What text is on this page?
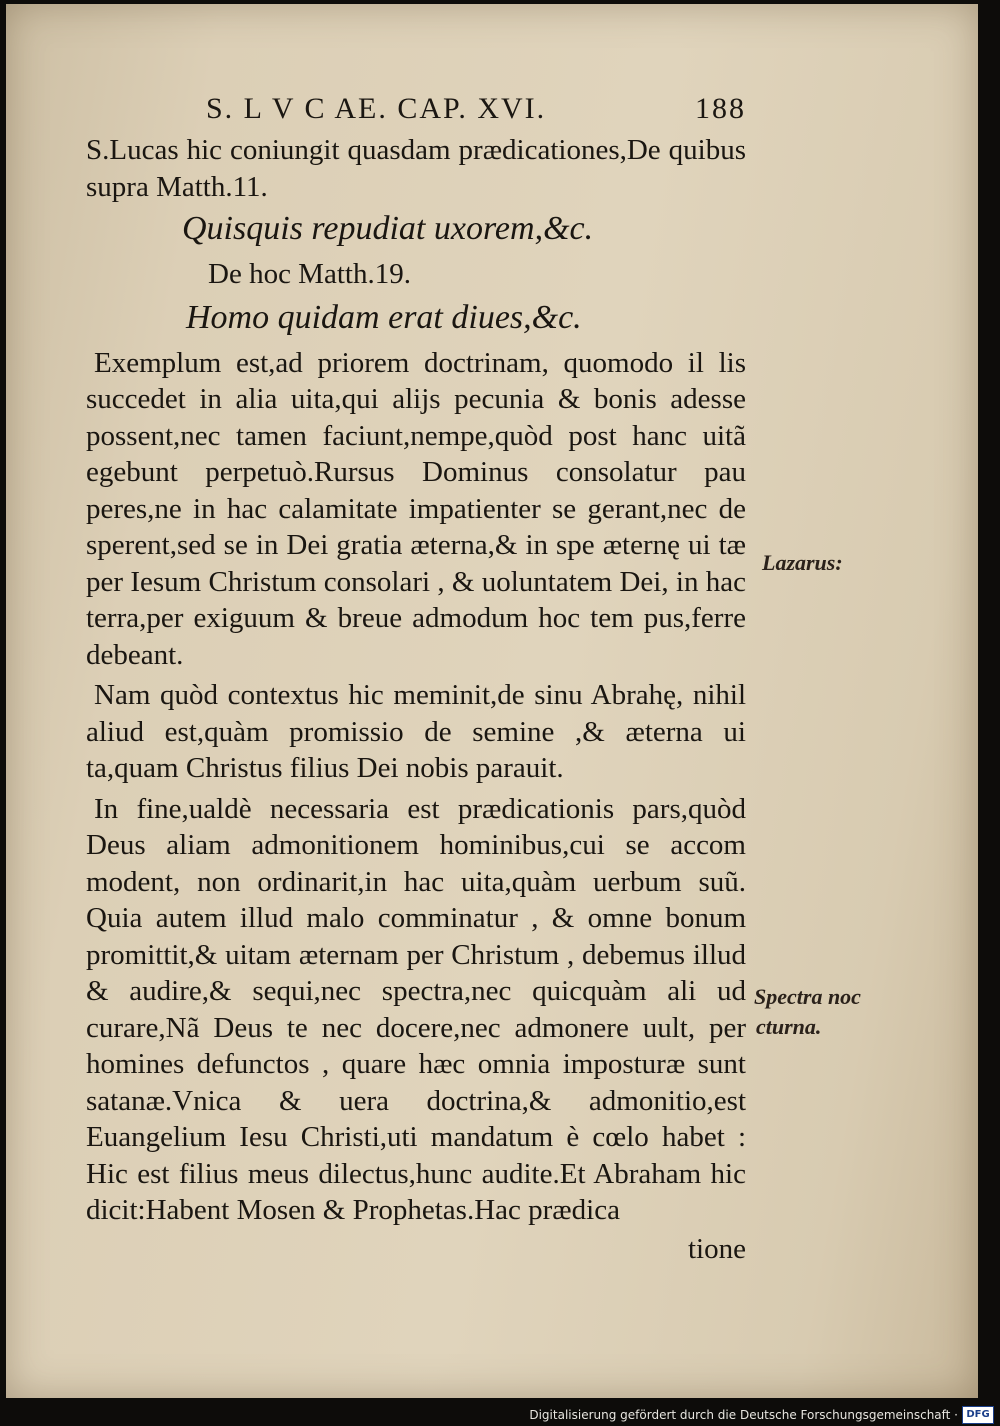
S. L V C AE. CAP. XVI.	188

S.Lucas hic coniungit quasdam prædicationes,De quibus supra Matth.11.

Quisquis repudiat uxorem,&c.

De hoc Matth.19.

Homo quidam erat diues,&c.

Exemplum est,ad priorem doctrinam, quomodo il lis succedet in alia uita,qui alijs pecunia & bonis adesse possent,nec tamen faciunt,nempe,quòd post hanc uitã egebunt perpetuò.Rursus Dominus consolatur pau peres,ne in hac calamitate impatienter se gerant,nec de sperent,sed se in Dei gratia æterna,& in spe æternę ui tæ per Iesum Christum consolari , & uoluntatem Dei, in hac terra,per exiguum & breue admodum hoc tem pus,ferre debeant.

Nam quòd contextus hic meminit,de sinu Abrahę, nihil aliud est,quàm promissio de semine ,& æterna ui ta,quam Christus filius Dei nobis parauit.

In fine,ualdè necessaria est prædicationis pars,quòd Deus aliam admonitionem hominibus,cui se accom modent, non ordinarit,in hac uita,quàm uerbum suũ. Quia autem illud malo comminatur , & omne bonum promittit,& uitam æternam per Christum , debemus illud & audire,& sequi,nec spectra,nec quicquàm ali ud curare,Nã Deus te nec docere,nec admonere uult, per homines defunctos , quare hæc omnia imposturæ sunt satanæ.Vnica & uera doctrina,& admonitio,est Euangelium Iesu Christi,uti mandatum è cœlo habet : Hic est filius meus dilectus,hunc audite.Et Abraham hic dicit:Habent Mosen & Prophetas.Hac prædica

tione

Lazarus:
Spectra noc
cturna.
Digitalisierung gefördert durch die Deutsche Forschungsgemeinschaft · DFG
